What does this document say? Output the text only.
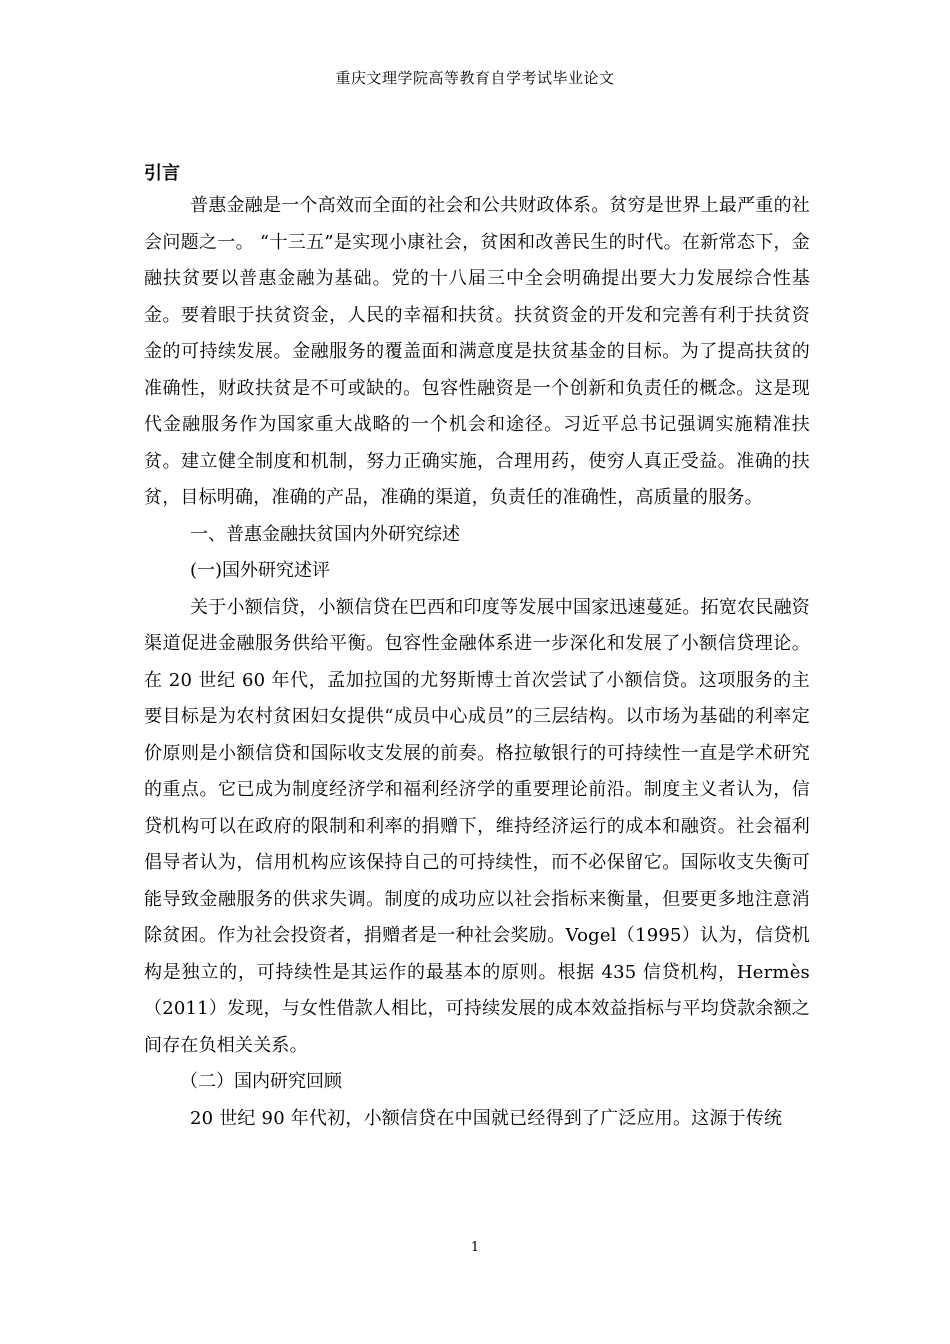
重庆文理学院高等教育自学考试毕业论文
引言

普惠金融是一个高效而全面的社会和公共财政体系。贫穷是世界上最严重的社会问题之一。 “十三五”是实现小康社会，贫困和改善民生的时代。在新常态下，金融扶贫要以普惠金融为基础。党的十八届三中全会明确提出要大力发展综合性基金。要着眼于扶贫资金，人民的幸福和扶贫。扶贫资金的开发和完善有利于扶贫资金的可持续发展。金融服务的覆盖面和满意度是扶贫基金的目标。为了提高扶贫的准确性，财政扶贫是不可或缺的。包容性融资是一个创新和负责任的概念。这是现代金融服务作为国家重大战略的一个机会和途径。习近平总书记强调实施精准扶贫。建立健全制度和机制，努力正确实施，合理用药，使穷人真正受益。准确的扶贫，目标明确，准确的产品，准确的渠道，负责任的准确性，高质量的服务。

一、普惠金融扶贫国内外研究综述

(一)国外研究述评

关于小额信贷，小额信贷在巴西和印度等发展中国家迅速蔓延。拓宽农民融资渠道促进金融服务供给平衡。包容性金融体系进一步深化和发展了小额信贷理论。在 20 世纪 60 年代，孟加拉国的尤努斯博士首次尝试了小额信贷。这项服务的主要目标是为农村贫困妇女提供“成员中心成员”的三层结构。以市场为基础的利率定价原则是小额信贷和国际收支发展的前奏。格拉敏银行的可持续性一直是学术研究的重点。它已成为制度经济学和福利经济学的重要理论前沿。制度主义者认为，信贷机构可以在政府的限制和利率的捐赠下，维持经济运行的成本和融资。社会福利倡导者认为，信用机构应该保持自己的可持续性，而不必保留它。国际收支失衡可能导致金融服务的供求失调。制度的成功应以社会指标来衡量，但要更多地注意消除贫困。作为社会投资者，捐赠者是一种社会奖励。Vogel（1995）认为，信贷机构是独立的，可持续性是其运作的最基本的原则。根据 435 信贷机构，Hermès（2011）发现，与女性借款人相比，可持续发展的成本效益指标与平均贷款余额之间存在负相关关系。

（二）国内研究回顾

20 世纪 90 年代初，小额信贷在中国就已经得到了广泛应用。这源于传统

1
